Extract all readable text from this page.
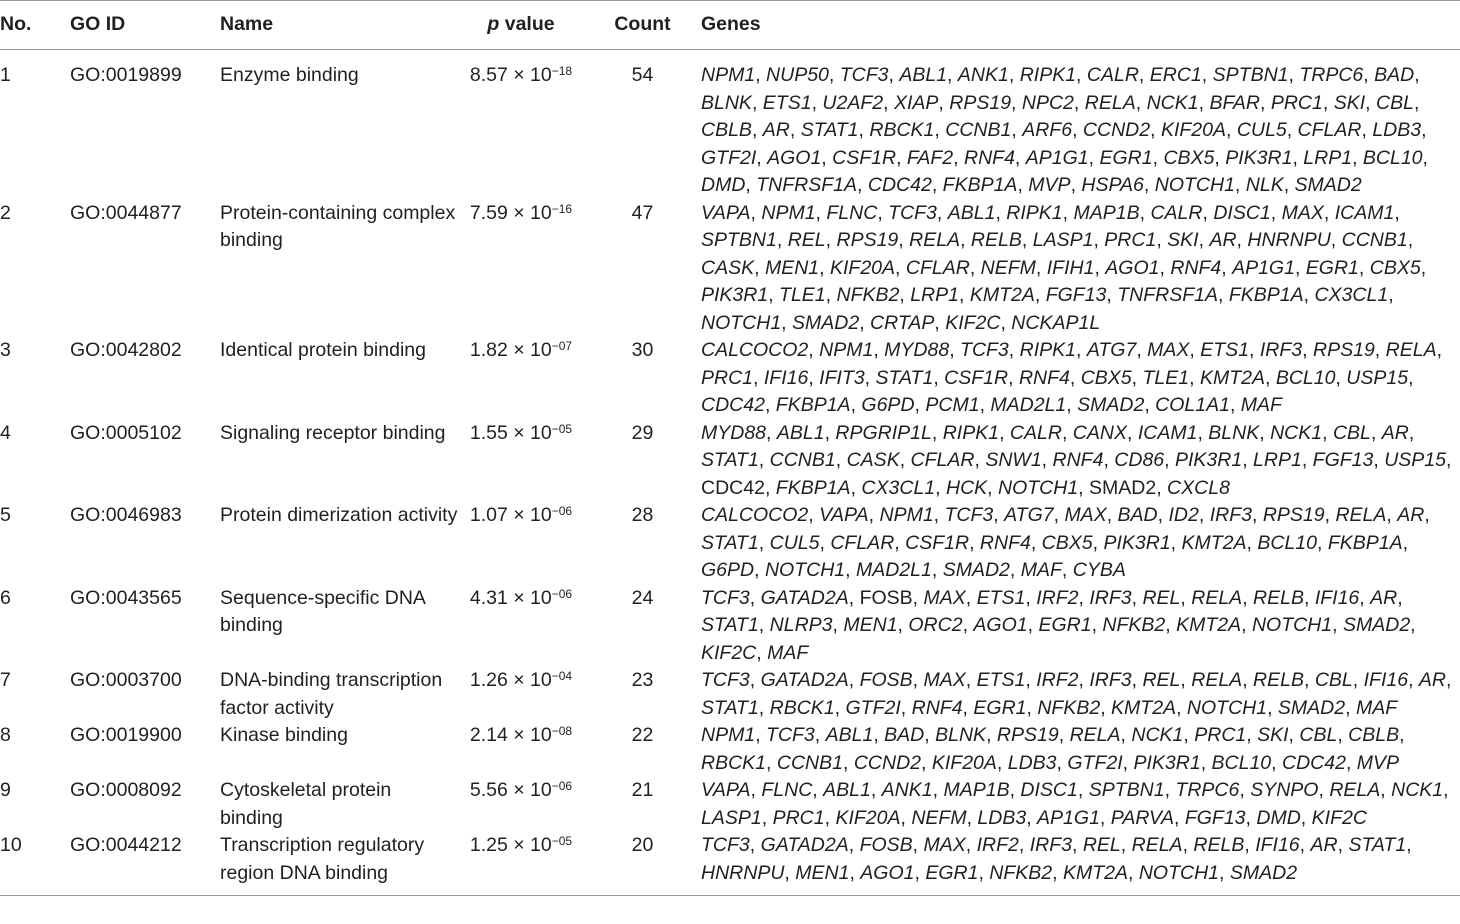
No.	GO ID	Name	p value	Count	Genes
1	GO:0019899	Enzyme binding	$8.57 \times 10^{-18}$	54	NPM1, NUP50, TCF3, ABL1, ANK1, RIPK1, CALR, ERC1, SPTBN1, TRPC6, BAD, BLNK, ETS1, U2AF2, XIAP, RPS19, NPC2, RELA, NCK1, BFAR, PRC1, SKI, CBL, CBLB, AR, STAT1, RBCK1, CCNB1, ARF6, CCND2, KIF20A, CUL5, CFLAR, LDB3, GTF2I, AGO1, CSF1R, FAF2, RNF4, AP1G1, EGR1, CBX5, PIK3R1, LRP1, BCL10, DMD, TNFRSF1A, CDC42, FKBP1A, MVP, HSPA6, NOTCH1, NLK, SMAD2
2	GO:0044877	Protein-containing complex binding	$7.59 \times 10^{-16}$	47	VAPA, NPM1, FLNC, TCF3, ABL1, RIPK1, MAP1B, CALR, DISC1, MAX, ICAM1, SPTBN1, REL, RPS19, RELA, RELB, LASP1, PRC1, SKI, AR, HNRNPU, CCNB1, CASK, MEN1, KIF20A, CFLAR, NEFM, IFIH1, AGO1, RNF4, AP1G1, EGR1, CBX5, PIK3R1, TLE1, NFKB2, LRP1, KMT2A, FGF13, TNFRSF1A, FKBP1A, CX3CL1, NOTCH1, SMAD2, CRTAP, KIF2C, NCKAP1L
3	GO:0042802	Identical protein binding	$1.82 \times 10^{-07}$	30	CALCOCO2, NPM1, MYD88, TCF3, RIPK1, ATG7, MAX, ETS1, IRF3, RPS19, RELA, PRC1, IFI16, IFIT3, STAT1, CSF1R, RNF4, CBX5, TLE1, KMT2A, BCL10, USP15, CDC42, FKBP1A, G6PD, PCM1, MAD2L1, SMAD2, COL1A1, MAF
4	GO:0005102	Signaling receptor binding	$1.55 \times 10^{-05}$	29	MYD88, ABL1, RPGRIP1L, RIPK1, CALR, CANX, ICAM1, BLNK, NCK1, CBL, AR, STAT1, CCNB1, CASK, CFLAR, SNW1, RNF4, CD86, PIK3R1, LRP1, FGF13, USP15, CDC42, FKBP1A, CX3CL1, HCK, NOTCH1, SMAD2, CXCL8
5	GO:0046983	Protein dimerization activity	$1.07 \times 10^{-06}$	28	CALCOCO2, VAPA, NPM1, TCF3, ATG7, MAX, BAD, ID2, IRF3, RPS19, RELA, AR, STAT1, CUL5, CFLAR, CSF1R, RNF4, CBX5, PIK3R1, KMT2A, BCL10, FKBP1A, G6PD, NOTCH1, MAD2L1, SMAD2, MAF, CYBA
6	GO:0043565	Sequence-specific DNA binding	$4.31 \times 10^{-06}$	24	TCF3, GATAD2A, FOSB, MAX, ETS1, IRF2, IRF3, REL, RELA, RELB, IFI16, AR, STAT1, NLRP3, MEN1, ORC2, AGO1, EGR1, NFKB2, KMT2A, NOTCH1, SMAD2, KIF2C, MAF
7	GO:0003700	DNA-binding transcription factor activity	$1.26 \times 10^{-04}$	23	TCF3, GATAD2A, FOSB, MAX, ETS1, IRF2, IRF3, REL, RELA, RELB, CBL, IFI16, AR, STAT1, RBCK1, GTF2I, RNF4, EGR1, NFKB2, KMT2A, NOTCH1, SMAD2, MAF
8	GO:0019900	Kinase binding	$2.14 \times 10^{-08}$	22	NPM1, TCF3, ABL1, BAD, BLNK, RPS19, RELA, NCK1, PRC1, SKI, CBL, CBLB, RBCK1, CCNB1, CCND2, KIF20A, LDB3, GTF2I, PIK3R1, BCL10, CDC42, MVP
9	GO:0008092	Cytoskeletal protein binding	$5.56 \times 10^{-06}$	21	VAPA, FLNC, ABL1, ANK1, MAP1B, DISC1, SPTBN1, TRPC6, SYNPO, RELA, NCK1, LASP1, PRC1, KIF20A, NEFM, LDB3, AP1G1, PARVA, FGF13, DMD, KIF2C
10	GO:0044212	Transcription regulatory region DNA binding	$1.25 \times 10^{-05}$	20	TCF3, GATAD2A, FOSB, MAX, IRF2, IRF3, REL, RELA, RELB, IFI16, AR, STAT1, HNRNPU, MEN1, AGO1, EGR1, NFKB2, KMT2A, NOTCH1, SMAD2
